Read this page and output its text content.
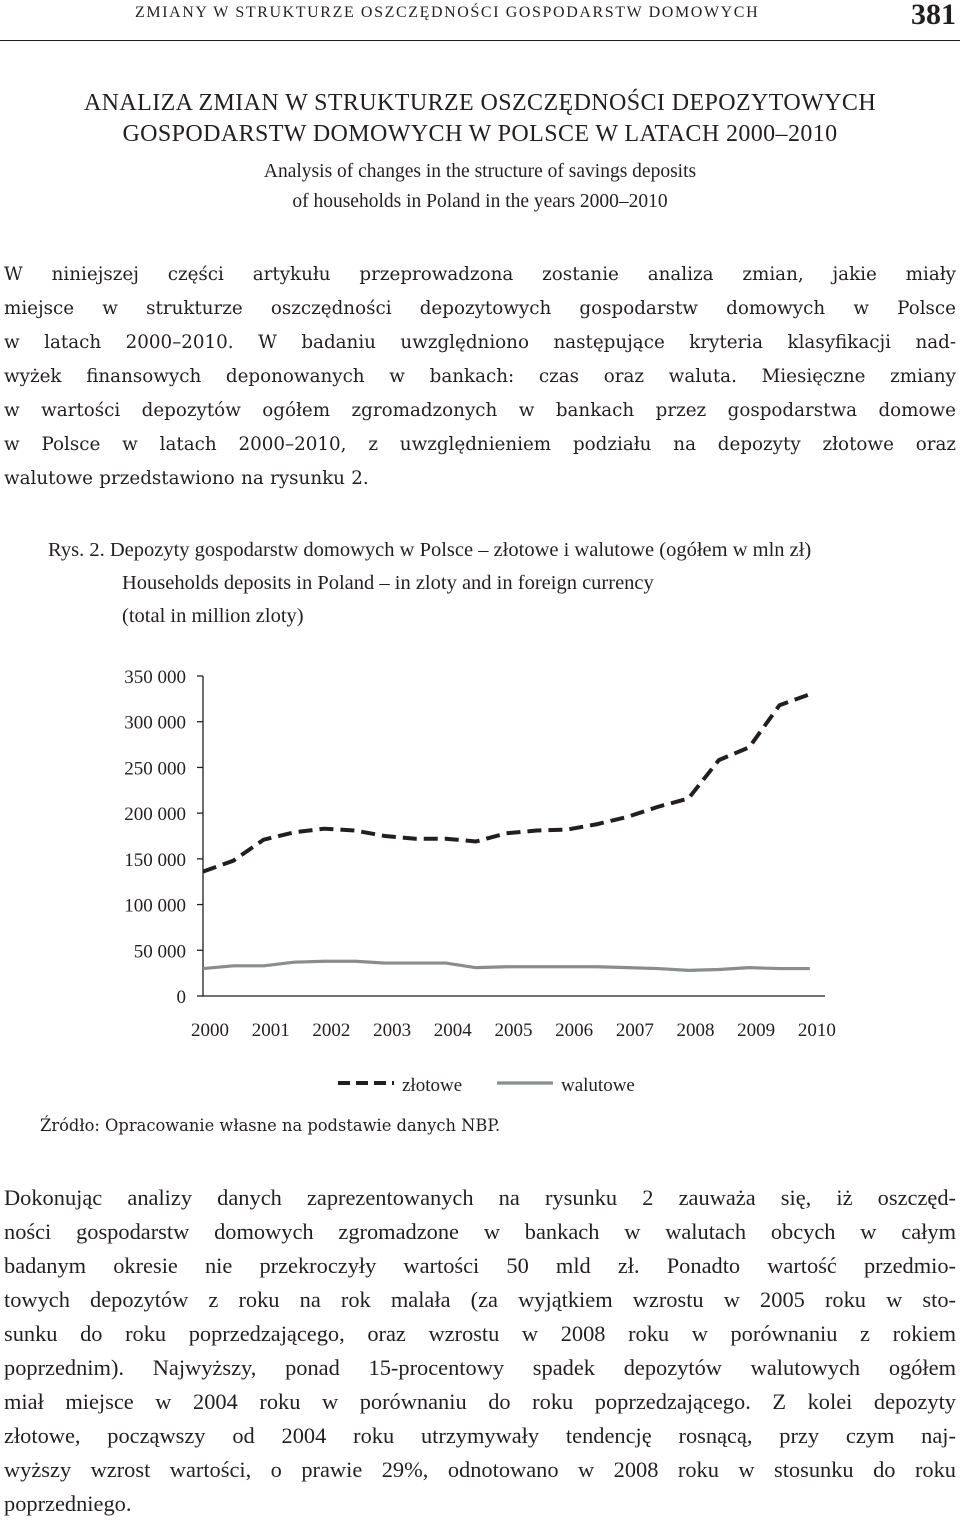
ZMIANY W STRUKTURZE OSZCZĘDNOŚCI GOSPODARSTW DOMOWYCH	381
ANALIZA ZMIAN W STRUKTURZE OSZCZĘDNOŚCI DEPOZYTOWYCH
GOSPODARSTW DOMOWYCH W POLSCE W LATACH 2000–2010
Analysis of changes in the structure of savings deposits
of households in Poland in the years 2000–2010
W niniejszej części artykułu przeprowadzona zostanie analiza zmian, jakie miały
miejsce w strukturze oszczędności depozytowych gospodarstw domowych w Polsce
w latach 2000–2010. W badaniu uwzględniono następujące kryteria klasyfikacji nad-
wyżek finansowych deponowanych w bankach: czas oraz waluta. Miesięczne zmiany
w wartości depozytów ogółem zgromadzonych w bankach przez gospodarstwa domowe
w Polsce w latach 2000–2010, z uwzględnieniem podziału na depozyty złotowe oraz
walutowe przedstawiono na rysunku 2.
Rys. 2. Depozyty gospodarstw domowych w Polsce – złotowe i walutowe (ogółem w mln zł)
Households deposits in Poland – in zloty and in foreign currency
(total in million zloty)
0
50 000
100 000
150 000
200 000
250 000
300 000
350 000
2000 2001 2002 2003 2004 2005 2006 2007 2008 2009 2010
złotowe	walutowe
Źródło: Opracowanie własne na podstawie danych NBP.
Dokonując analizy danych zaprezentowanych na rysunku 2 zauważa się, iż oszczęd-
ności gospodarstw domowych zgromadzone w bankach w walutach obcych w całym
badanym okresie nie przekroczyły wartości 50 mld zł. Ponadto wartość przedmio-
towych depozytów z roku na rok malała (za wyjątkiem wzrostu w 2005 roku w sto-
sunku do roku poprzedzającego, oraz wzrostu w 2008 roku w porównaniu z rokiem
poprzednim). Najwyższy, ponad 15-procentowy spadek depozytów walutowych ogółem
miał miejsce w 2004 roku w porównaniu do roku poprzedzającego. Z kolei depozyty
złotowe, począwszy od 2004 roku utrzymywały tendencję rosnącą, przy czym naj-
wyższy wzrost wartości, o prawie 29%, odnotowano w 2008 roku w stosunku do roku
poprzedniego.
